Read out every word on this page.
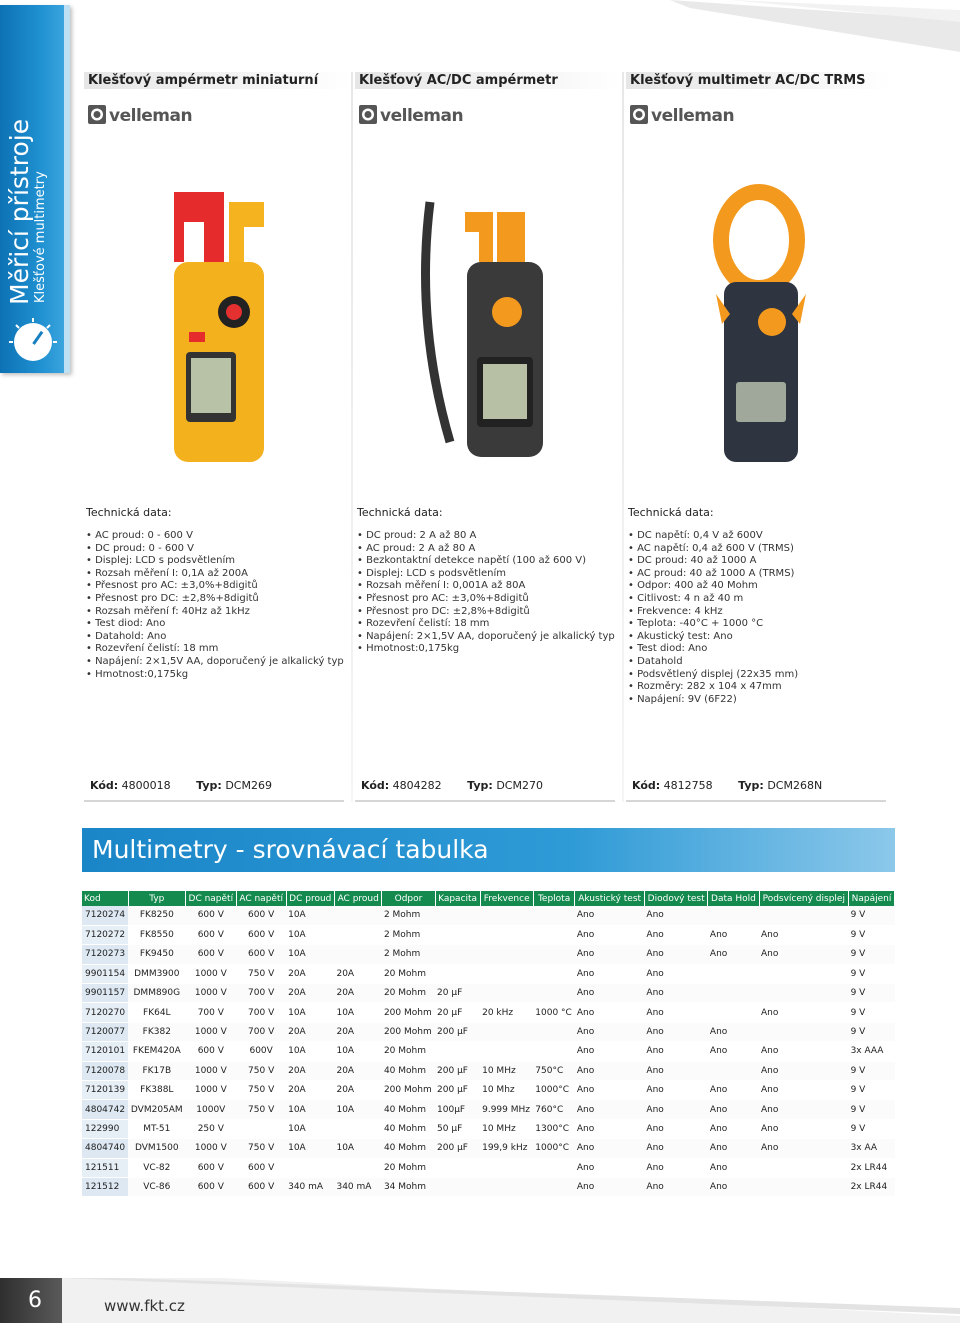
Měřicí přístroje Klešťové multimetry
Klešťový ampérmetr miniaturní
velleman
Technická data:
• AC proud: 0 - 600 V
• DC proud: 0 - 600 V
• Displej: LCD s podsvětlením
• Rozsah měření I: 0,1A až 200A
• Přesnost pro AC: ±3,0%+8digitů
• Přesnost pro DC: ±2,8%+8digitů
• Rozsah měření f: 40Hz až 1kHz
• Test diod: Ano
• Datahold: Ano
• Rozevření čelistí: 18 mm
• Napájení: 2×1,5V AA, doporučený je alkalický typ
• Hmotnost:0,175kg
Kód: 4800018 Typ: DCM269
Klešťový AC/DC ampérmetr
velleman
Technická data:
• DC proud: 2 A až 80 A
• AC proud: 2 A až 80 A
• Bezkontaktní detekce napětí (100 až 600 V)
• Displej: LCD s podsvětlením
• Rozsah měření I: 0,001A až 80A
• Přesnost pro AC: ±3,0%+8digitů
• Přesnost pro DC: ±2,8%+8digitů
• Rozevření čelistí: 18 mm
• Napájení: 2×1,5V AA, doporučený je alkalický typ
• Hmotnost:0,175kg
Kód: 4804282 Typ: DCM270
Klešťový multimetr AC/DC TRMS
velleman
Technická data:
• DC napětí: 0,4 V až 600V
• AC napětí: 0,4 až 600 V (TRMS)
• DC proud: 40 až 1000 A
• AC proud: 40 až 1000 A (TRMS)
• Odpor: 400 až 40 Mohm
• Citlivost: 4 n až 40 m
• Frekvence: 4 kHz
• Teplota: -40°C + 1000 °C
• Akustický test: Ano
• Test diod: Ano
• Datahold
• Podsvětlený displej (22x35 mm)
• Rozměry: 282 x 104 x 47mm
• Napájení: 9V (6F22)
Kód: 4812758 Typ: DCM268N
Multimetry - srovnávací tabulka
Kod	Typ	DC napětí	AC napětí	DC proud	AC proud	Odpor	Kapacita	Frekvence	Teplota	Akustický test	Diodový test	Data Hold	Podsvícený displej	Napájení
7120274	FK8250	600 V	600 V	10A		2 Mohm				Ano	Ano			9 V
7120272	FK8550	600 V	600 V	10A		2 Mohm				Ano	Ano	Ano	Ano	9 V
7120273	FK9450	600 V	600 V	10A		2 Mohm				Ano	Ano	Ano	Ano	9 V
9901154	DMM3900	1000 V	750 V	20A	20A	20 Mohm				Ano	Ano			9 V
9901157	DMM890G	1000 V	700 V	20A	20A	20 Mohm	20 µF			Ano	Ano			9 V
7120270	FK64L	700 V	700 V	10A	10A	200 Mohm	20 µF	20 kHz	1000 °C	Ano	Ano		Ano	9 V
7120077	FK382	1000 V	700 V	20A	20A	200 Mohm	200 µF			Ano	Ano	Ano		9 V
7120101	FKEM420A	600 V	600V	10A	10A	20 Mohm				Ano	Ano	Ano	Ano	3x AAA
7120078	FK17B	1000 V	750 V	20A	20A	40 Mohm	200 µF	10 MHz	750°C	Ano	Ano		Ano	9 V
7120139	FK388L	1000 V	750 V	20A	20A	200 Mohm	200 µF	10 Mhz	1000°C	Ano	Ano	Ano	Ano	9 V
4804742	DVM205AM	1000V	750 V	10A	10A	40 Mohm	100µF	9.999 MHz	760°C	Ano	Ano	Ano	Ano	9 V
122990	MT-51	250 V		10A		40 Mohm	50 µF	10 MHz	1300°C	Ano	Ano	Ano	Ano	9 V
4804740	DVM1500	1000 V	750 V	10A	10A	40 Mohm	200 µF	199,9 kHz	1000°C	Ano	Ano	Ano	Ano	3x AA
121511	VC-82	600 V	600 V			20 Mohm				Ano	Ano	Ano		2x LR44
121512	VC-86	600 V	600 V	340 mA	340 mA	34 Mohm				Ano	Ano	Ano		2x LR44
6	www.fkt.cz
